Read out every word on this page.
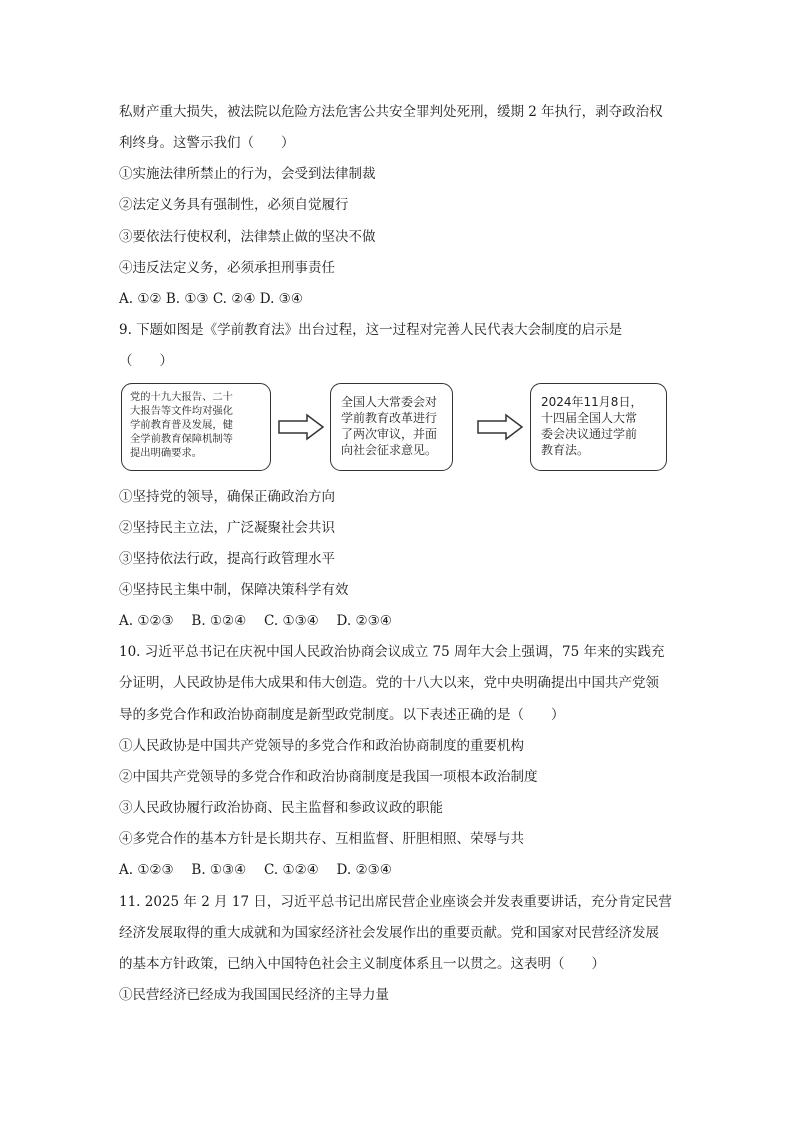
私财产重大损失，被法院以危险方法危害公共安全罪判处死刑，缓期 2 年执行，剥夺政治权
利终身。这警示我们（　　）
①实施法律所禁止的行为，会受到法律制裁
②法定义务具有强制性，必须自觉履行
③要依法行使权利，法律禁止做的坚决不做
④违反法定义务，必须承担刑事责任
A. ①② B. ①③ C. ②④ D. ③④
9. 下题如图是《学前教育法》出台过程，这一过程对完善人民代表大会制度的启示是
（　　）
党的十九大报告、二十
大报告等文件均对强化
学前教育普及发展，健
全学前教育保障机制等
提出明确要求。
全国人大常委会对
学前教育改革进行
了两次审议，并面
向社会征求意见。
2024年11月8日，
十四届全国人大常
委会决议通过学前
教育法。
①坚持党的领导，确保正确政治方向
②坚持民主立法，广泛凝聚社会共识
③坚持依法行政，提高行政管理水平
④坚持民主集中制，保障决策科学有效
A. ①②③　 B. ①②④　 C. ①③④　 D. ②③④
10. 习近平总书记在庆祝中国人民政治协商会议成立 75 周年大会上强调，75 年来的实践充
分证明，人民政协是伟大成果和伟大创造。党的十八大以来，党中央明确提出中国共产党领
导的多党合作和政治协商制度是新型政党制度。以下表述正确的是（　　）
①人民政协是中国共产党领导的多党合作和政治协商制度的重要机构
②中国共产党领导的多党合作和政治协商制度是我国一项根本政治制度
③人民政协履行政治协商、民主监督和参政议政的职能
④多党合作的基本方针是长期共存、互相监督、肝胆相照、荣辱与共
A. ①②③　 B. ①③④　 C. ①②④　 D. ②③④
11. 2025 年 2 月 17 日，习近平总书记出席民营企业座谈会并发表重要讲话，充分肯定民营
经济发展取得的重大成就和为国家经济社会发展作出的重要贡献。党和国家对民营经济发展
的基本方针政策，已纳入中国特色社会主义制度体系且一以贯之。这表明（　　）
①民营经济已经成为我国国民经济的主导力量
